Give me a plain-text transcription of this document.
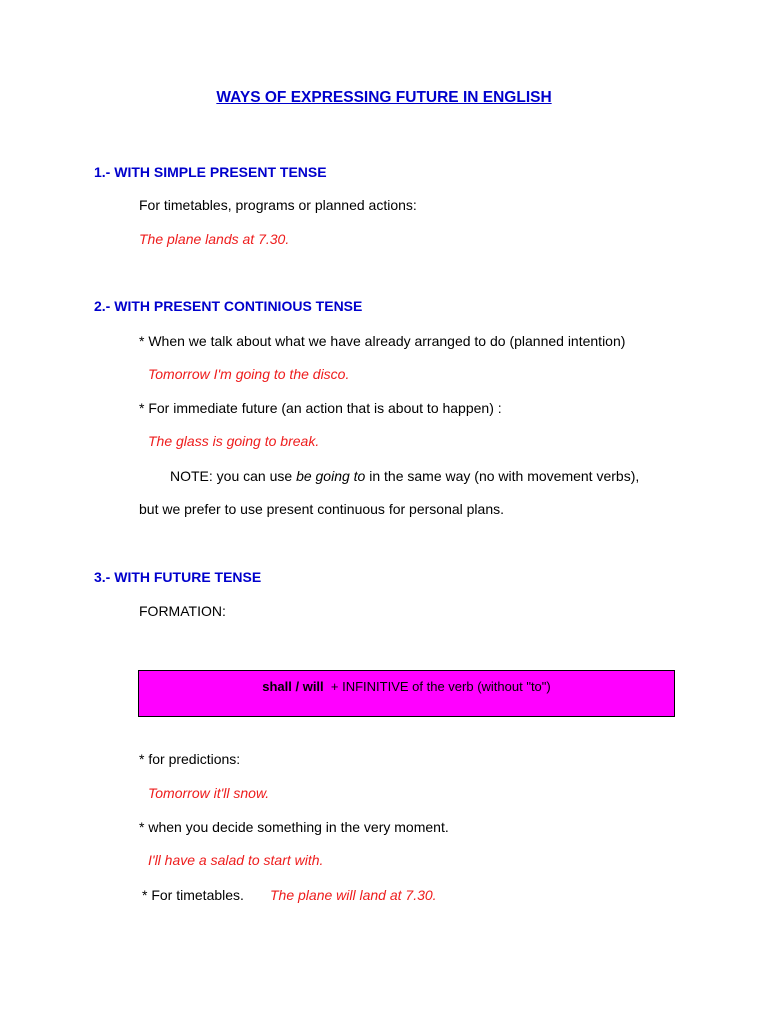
WAYS OF EXPRESSING FUTURE IN ENGLISH
1.- WITH SIMPLE PRESENT TENSE
For timetables, programs or planned actions:
The plane lands at 7.30.
2.- WITH PRESENT CONTINIOUS TENSE
* When we talk about what we have already arranged to do (planned intention)
Tomorrow I'm going to the disco.
* For immediate future (an action that is about to happen) :
The glass is going to break.
NOTE: you can use be going to in the same way (no with movement verbs),
but we prefer to use present continuous for personal plans.
3.- WITH FUTURE TENSE
FORMATION:
shall / will  + INFINITIVE of the verb (without "to")
* for predictions:
Tomorrow it'll snow.
* when you decide something in the very moment.
I'll have a salad to start with.
* For timetables. The plane will land at 7.30.
